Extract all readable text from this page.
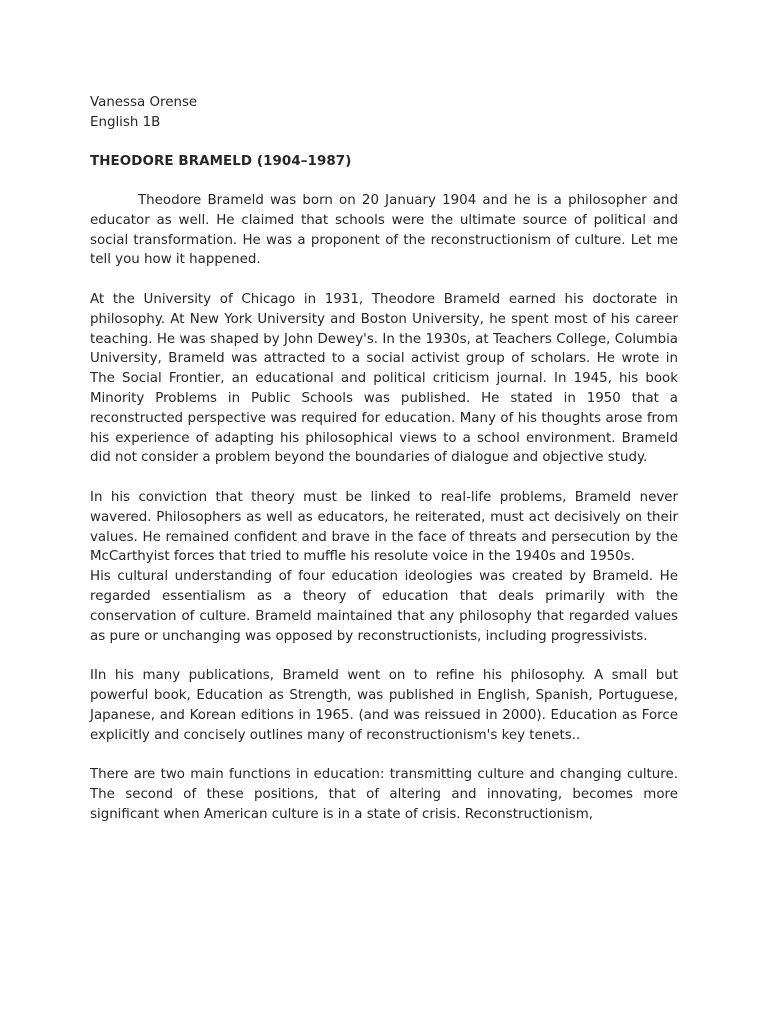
Vanessa Orense
English 1B
THEODORE BRAMELD (1904–1987)

Theodore Brameld was born on 20 January 1904 and he is a philosopher and educator as well. He claimed that schools were the ultimate source of political and social transformation. He was a proponent of the reconstructionism of culture. Let me tell you how it happened.

At the University of Chicago in 1931, Theodore Brameld earned his doctorate in philosophy. At New York University and Boston University, he spent most of his career teaching. He was shaped by John Dewey's. In the 1930s, at Teachers College, Columbia University, Brameld was attracted to a social activist group of scholars. He wrote in The Social Frontier, an educational and political criticism journal. In 1945, his book Minority Problems in Public Schools was published. He stated in 1950 that a reconstructed perspective was required for education. Many of his thoughts arose from his experience of adapting his philosophical views to a school environment. Brameld did not consider a problem beyond the boundaries of dialogue and objective study.

In his conviction that theory must be linked to real-life problems, Brameld never wavered. Philosophers as well as educators, he reiterated, must act decisively on their values. He remained confident and brave in the face of threats and persecution by the McCarthyist forces that tried to muffle his resolute voice in the 1940s and 1950s.

His cultural understanding of four education ideologies was created by Brameld. He regarded essentialism as a theory of education that deals primarily with the conservation of culture. Brameld maintained that any philosophy that regarded values as pure or unchanging was opposed by reconstructionists, including progressivists.

IIn his many publications, Brameld went on to refine his philosophy. A small but powerful book, Education as Strength, was published in English, Spanish, Portuguese, Japanese, and Korean editions in 1965. (and was reissued in 2000). Education as Force explicitly and concisely outlines many of reconstructionism's key tenets..

There are two main functions in education: transmitting culture and changing culture. The second of these positions, that of altering and innovating, becomes more significant when American culture is in a state of crisis. Reconstructionism,
